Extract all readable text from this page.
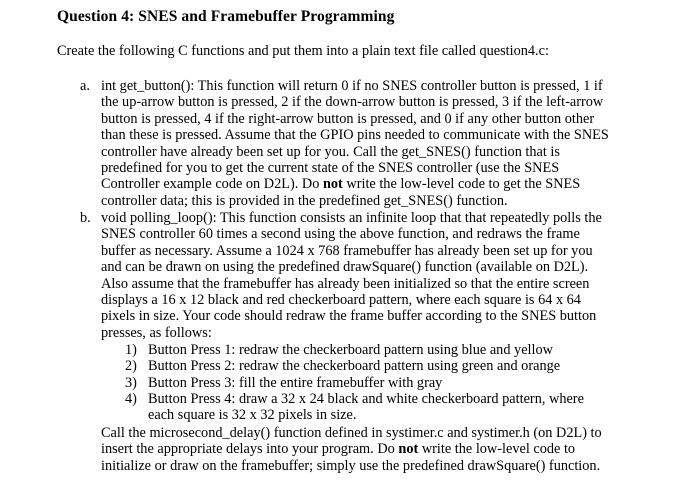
Question 4: SNES and Framebuffer Programming
Create the following C functions and put them into a plain text file called question4.c:
a. int get_button(): This function will return 0 if no SNES controller button is pressed, 1 if
the up-arrow button is pressed, 2 if the down-arrow button is pressed, 3 if the left-arrow
button is pressed, 4 if the right-arrow button is pressed, and 0 if any other button other
than these is pressed. Assume that the GPIO pins needed to communicate with the SNES
controller have already been set up for you. Call the get_SNES() function that is
predefined for you to get the current state of the SNES controller (use the SNES
Controller example code on D2L). Do not write the low-level code to get the SNES
controller data; this is provided in the predefined get_SNES() function.
b. void polling_loop(): This function consists an infinite loop that that repeatedly polls the
SNES controller 60 times a second using the above function, and redraws the frame
buffer as necessary. Assume a 1024 x 768 framebuffer has already been set up for you
and can be drawn on using the predefined drawSquare() function (available on D2L).
Also assume that the framebuffer has already been initialized so that the entire screen
displays a 16 x 12 black and red checkerboard pattern, where each square is 64 x 64
pixels in size. Your code should redraw the frame buffer according to the SNES button
presses, as follows:
1) Button Press 1: redraw the checkerboard pattern using blue and yellow
2) Button Press 2: redraw the checkerboard pattern using green and orange
3) Button Press 3: fill the entire framebuffer with gray
4) Button Press 4: draw a 32 x 24 black and white checkerboard pattern, where
each square is 32 x 32 pixels in size.
Call the microsecond_delay() function defined in systimer.c and systimer.h (on D2L) to
insert the appropriate delays into your program. Do not write the low-level code to
initialize or draw on the framebuffer; simply use the predefined drawSquare() function.
